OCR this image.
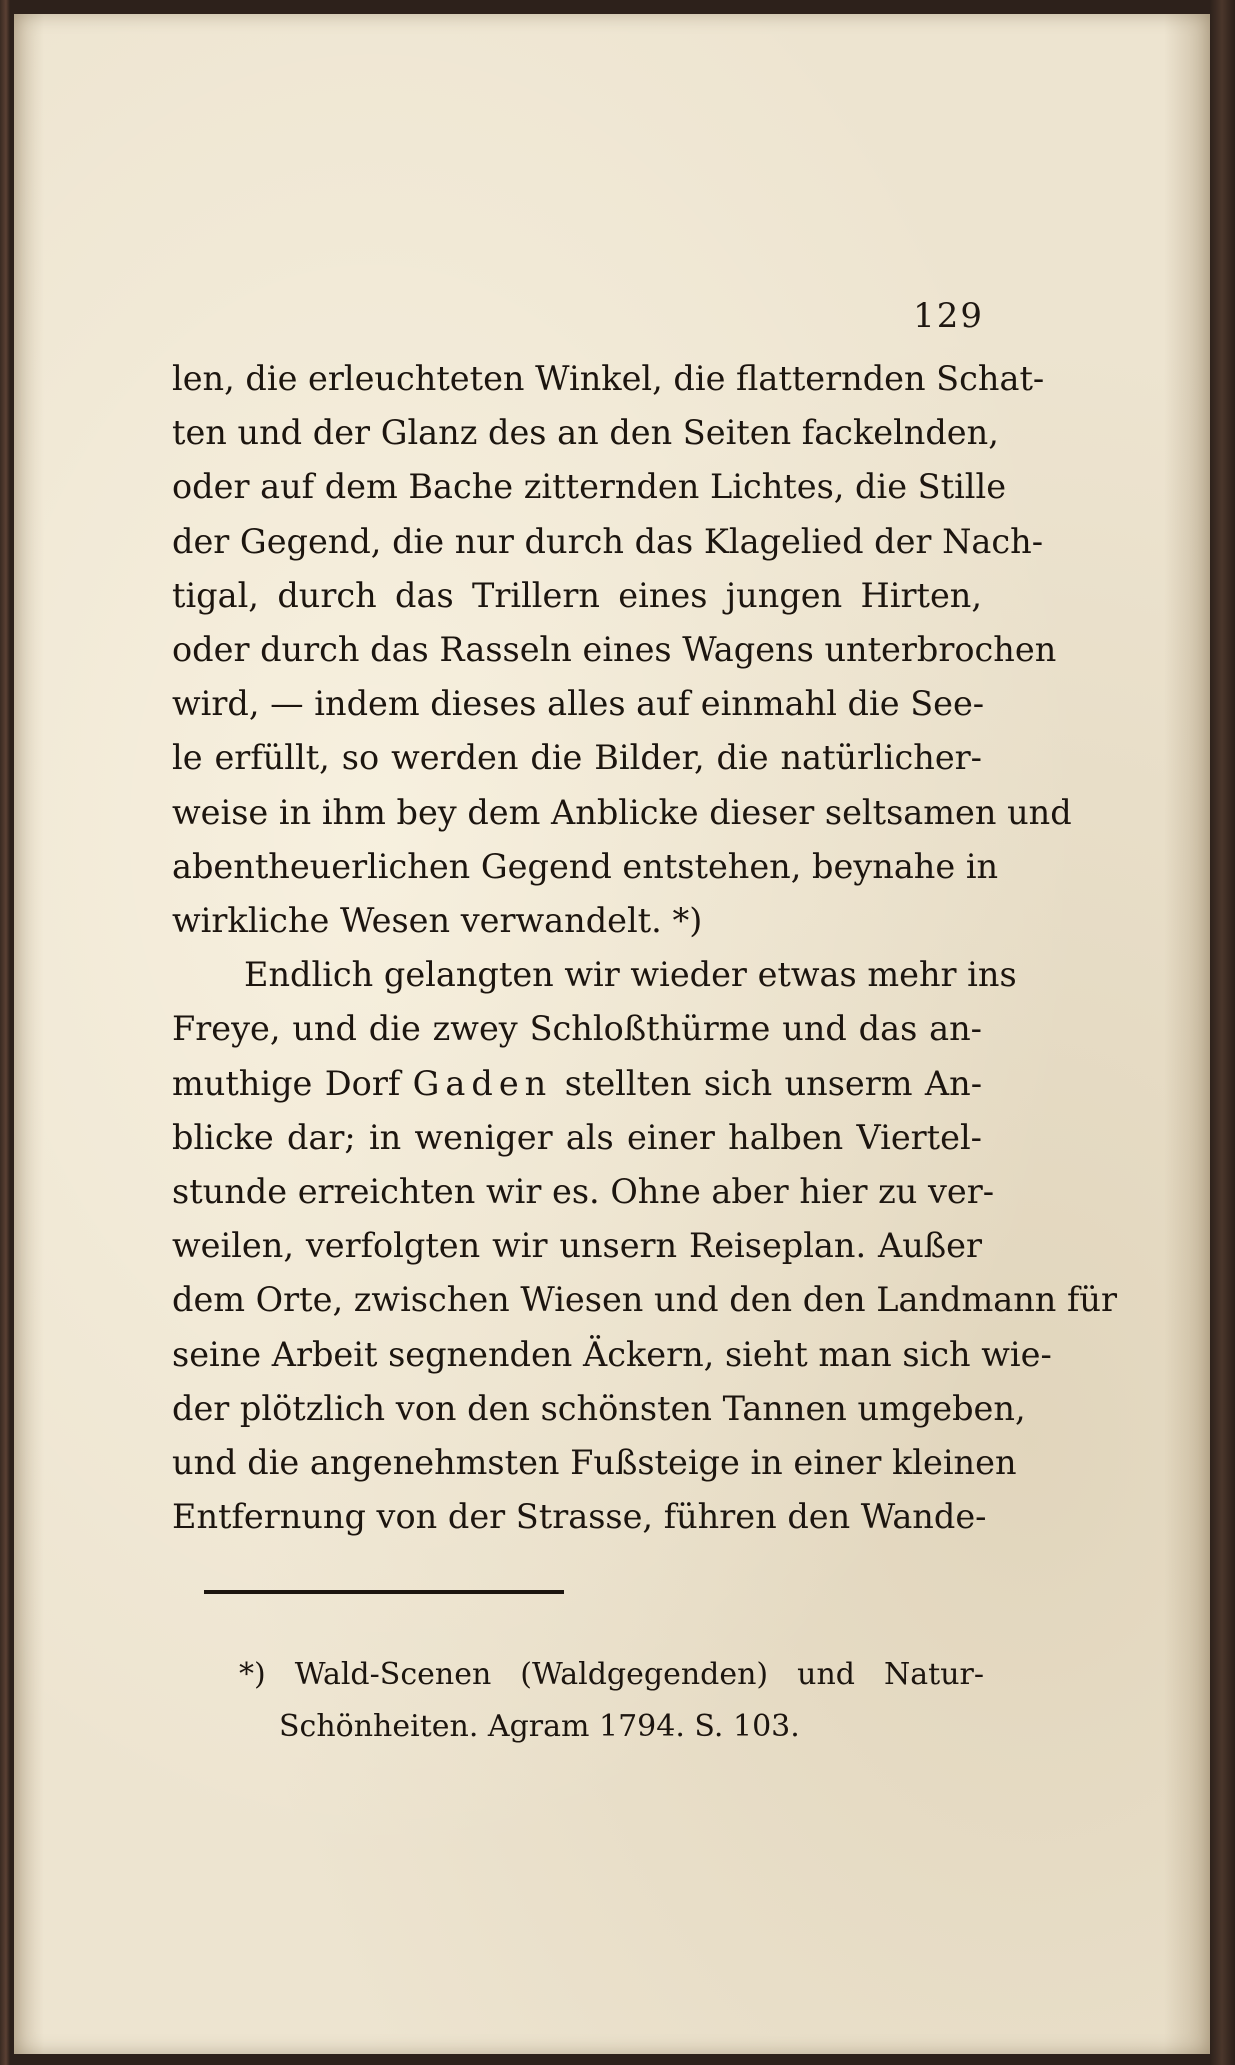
129
len, die erleuchteten Winkel, die flatternden Schat-
ten und der Glanz des an den Seiten fackelnden,
oder auf dem Bache zitternden Lichtes, die Stille
der Gegend, die nur durch das Klagelied der Nach-
tigal, durch das Trillern eines jungen Hirten,
oder durch das Rasseln eines Wagens unterbrochen
wird, — indem dieses alles auf einmahl die See-
le erfüllt, so werden die Bilder, die natürlicher-
weise in ihm bey dem Anblicke dieser seltsamen und
abentheuerlichen Gegend entstehen, beynahe in
wirkliche Wesen verwandelt. *)
Endlich gelangten wir wieder etwas mehr ins
Freye, und die zwey Schloßthürme und das an-
muthige Dorf Gaden stellten sich unserm An-
blicke dar; in weniger als einer halben Viertel-
stunde erreichten wir es. Ohne aber hier zu ver-
weilen, verfolgten wir unsern Reiseplan. Außer
dem Orte, zwischen Wiesen und den den Landmann für
seine Arbeit segnenden Äckern, sieht man sich wie-
der plötzlich von den schönsten Tannen umgeben,
und die angenehmsten Fußsteige in einer kleinen
Entfernung von der Strasse, führen den Wande-
*) Wald-Scenen (Waldgegenden) und Natur-
Schönheiten. Agram 1794. S. 103.
